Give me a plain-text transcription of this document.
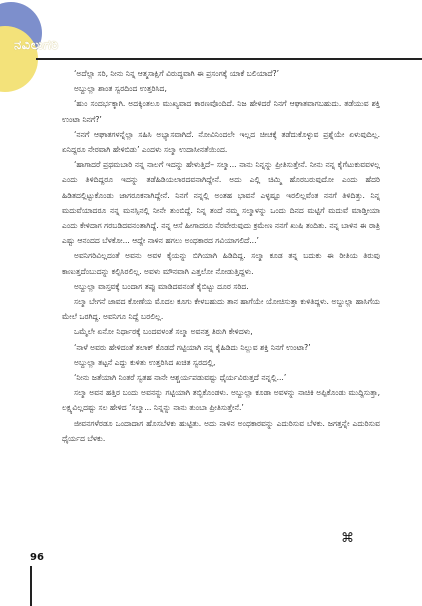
ನವಿಲುಗರಿ

‘ಅದೆಲ್ಲಾ ಸರಿ, ನೀನು ನಿನ್ನ ಆತ್ಮಸಾಕ್ಷಿಗೆ ವಿರುದ್ಧವಾಗಿ ಈ ಪ್ರಸಂಗಕ್ಕೆ ಯಾಕೆ ಬಲಿಯಾದೆ?’

ಅಬ್ದುಲ್ಲಾ ಶಾಂತ ಸ್ವರದಿಂದ ಉತ್ತರಿಸಿದ,

‘ಹುಂ ಸಂದರ್ಭಕ್ಕಾಗಿ. ಅದಕ್ಕಿಂತಲೂ ಮುಖ್ಯವಾದ ಕಾರಣವೊಂದಿದೆ. ನಿಜ ಹೇಳಿದರೆ ನಿನಗೆ ಆಘಾತವಾಗಬಹುದು. ತಡೆಯುವ ಶಕ್ತಿ ಉಂಟಾ ನಿನಗೆ?’

‘ನನಗೆ ಆಘಾತಗಳನ್ನೆಲ್ಲಾ ಸಹಿಸಿ ಅಭ್ಯಾಸವಾಗಿದೆ. ನೋವಿನಿಂದಲೇ ಇಲ್ಲದ ಚೀಚಕ್ಕೆ ತಡೆದುಕೊಳ್ಳುವ ಪ್ರಶ್ನೆಯೇ ಏಳುವುದಿಲ್ಲ. ಏನಿದ್ದರೂ ನೇರವಾಗಿ ಹೇಳಿಬಿಡು’ ಎಂದಳು ಸಲ್ಮಾ ಉದಾಸೀನತೆಯಿಂದ.

‘ಹಾಗಾದರೆ ಪ್ರಥಮಬಾರಿ ನನ್ನ ನಾಲಗೆ ಇದನ್ನು ಹೇಳುತ್ತಿದೆ– ಸಲ್ಮಾ... ನಾನು ನಿನ್ನನ್ನು ಪ್ರೀತಿಸುತ್ತೇನೆ. ನೀನು ನನ್ನ ಕೈಗೆಟುಕುವವಳಲ್ಲ ಎಂದು ತಿಳಿದಿದ್ದರೂ ಇದನ್ನು ತಡೆಹಿಡಿಯಲಾರದವನಾಗಿದ್ದೇನೆ. ಅದು ಎಲ್ಲಿ ಚಿಮ್ಮಿ ಹೊರಬರುವುದೋ ಎಂದು ಹೆದರಿ ಹಿಡಿತದಲ್ಲಿಟ್ಟುಕೊಂಡು ಜಾಗರೂಕನಾಗಿದ್ದೇನೆ. ನಿನಗೆ ನನ್ನಲ್ಲಿ ಅಂತಹ ಭಾವನೆ ಎಳ್ಳಷ್ಟೂ ಇರಲಿಲ್ಲವೆಂತ ನನಗೆ ತಿಳಿದಿತ್ತು. ನಿನ್ನ ಮದುವೆಯಾದರೂ ನನ್ನ ಮನಸ್ಸಿನಲ್ಲಿ ನೀನೇ ತುಂಬಿದ್ದೆ. ನಿನ್ನ ತಂದೆ ನಮ್ಮ ಸಲ್ಮಾಳನ್ನು ಒಂದು ದಿನದ ಮಟ್ಟಿಗೆ ಮದುವೆ ಮಾಡ್ತೀಯಾ ಎಂದು ಕೇಳಿದಾಗ ಗರಬಡಿದವನಂತಾಗಿದ್ದೆ. ನನ್ನ ಆಸೆ ಹೀಗಾದರೂ ನೆರವೇರುವುದು ಕ್ರಮೇಣ ನನಗೆ ಖುಷಿ ತಂದಿತು. ನನ್ನ ಬಾಳಿನ ಈ ರಾತ್ರಿ ಎಷ್ಟು ಆನಂದದ ಬೆಳಕೋ... ಆದ್ದೇ ನಾಳಿನ ಹಗಲು ಅಂಧಕಾರದ ಗವಿಯಾಗಲಿದೆ...’

ಅವನಿಗರಿವಿಲ್ಲದಂತೆ ಅವನು ಅವಳ ಕೈಯನ್ನು ಬಿಗಿಯಾಗಿ ಹಿಡಿದಿದ್ದ. ಸಲ್ಮಾ ಕೂಡ ತನ್ನ ಬದುಕು ಈ ರೀತಿಯ ತಿರುವು ಕಾಣುತ್ತದೆಂಬುದನ್ನು ಕಲ್ಪಿಸಿರಲಿಲ್ಲ. ಅವಳು ಮೌನವಾಗಿ ಎತ್ತಲೋ ನೋಡುತ್ತಿದ್ದಳು.

ಅಬ್ದುಲ್ಲಾ ವಾಸ್ತವಕ್ಕೆ ಬಂದಾಗ ತಪ್ಪು ಮಾಡಿದವನಂತೆ ಕೈಬಿಟ್ಟು ದೂರ ಸರಿದ.

ಸಲ್ಮಾ ಬೇಗನೆ ಜಾವದ ಕೋಣೆಯ ಮೊದಲ ಕೂಗು ಕೇಳಬಹುದು ತಾನ ಹಾಗೆಯೇ ಯೋಚಿಸುತ್ತಾ ಕುಳಿತಿದ್ದಳು. ಅಬ್ದುಲ್ಲಾ ಹಾಸಿಗೆಯ ಮೇಲೆ ಒರಗಿದ್ದ. ಅವನಿಗೂ ನಿದ್ದೆ ಬರಲಿಲ್ಲ.

ಒಮ್ಮೆಲೇ ಏನೋ ನಿರ್ಧಾರಕ್ಕೆ ಬಂದವಳಂತೆ ಸಲ್ಮಾ ಅವನತ್ತ ತಿರುಗಿ ಕೇಳಿದಳು,

‘ನಾಳೆ ಅವರು ಹೇಳಿದಂತೆ ತಲಾಕ್ ಕೊಡದೆ ಗಟ್ಟಿಯಾಗಿ ನನ್ನ ಕೈಹಿಡಿದು ನಿಲ್ಲುವ ಶಕ್ತಿ ನಿನಗೆ ಉಂಟಾ?’

ಅಬ್ದುಲ್ಲಾ ತಟ್ಟನೆ ಎದ್ದು ಕುಳಿತು ಉತ್ತರಿಸಿದ ಖಚಿತ ಸ್ವರದಲ್ಲಿ,

‘ನೀನು ಜತೆಯಾಗಿ ನಿಂತರೆ ಸ್ವತಹ ನಾನೇ ಆಶ್ಚರ್ಯಪಡುವಷ್ಟು ಧೈರ್ಯವಿರುತ್ತದೆ ನನ್ನಲ್ಲಿ...’

ಸಲ್ಮಾ ಅವನ ಹತ್ತಿರ ಬಂದು ಅವನನ್ನು ಗಟ್ಟಿಯಾಗಿ ತಬ್ಬಿಕೊಂಡಳು. ಅಬ್ದುಲ್ಲಾ ಕೂಡಾ ಅವಳನ್ನು ನಾಚಿಕಿ ಅಪ್ಪಿಕೊಂಡು ಮುದ್ದಿಸುತ್ತಾ, ಲಕ್ಷ್ಯವಿಲ್ಲದಷ್ಟು ಸಲ ಹೇಳಿದ ‘ಸಲ್ಮಾ... ನಿನ್ನನ್ನು ನಾನು ತುಂಬಾ ಪ್ರೀತಿಸುತ್ತೇನೆ.’

ಜೀವನಗಳೆರಡೂ ಒಂದಾದಾಗ ಹೊಸಬೆಳಕು ಹುಟ್ಟಿತು. ಅದು ನಾಳಿನ ಅಂಧಕಾರವನ್ನು ಎದುರಿಸುವ ಬೆಳಕು. ಜಗತ್ತನ್ನೇ ಎದುರಿಸುವ ಧೈರ್ಯದ ಬೆಳಕು.

⌘
96
